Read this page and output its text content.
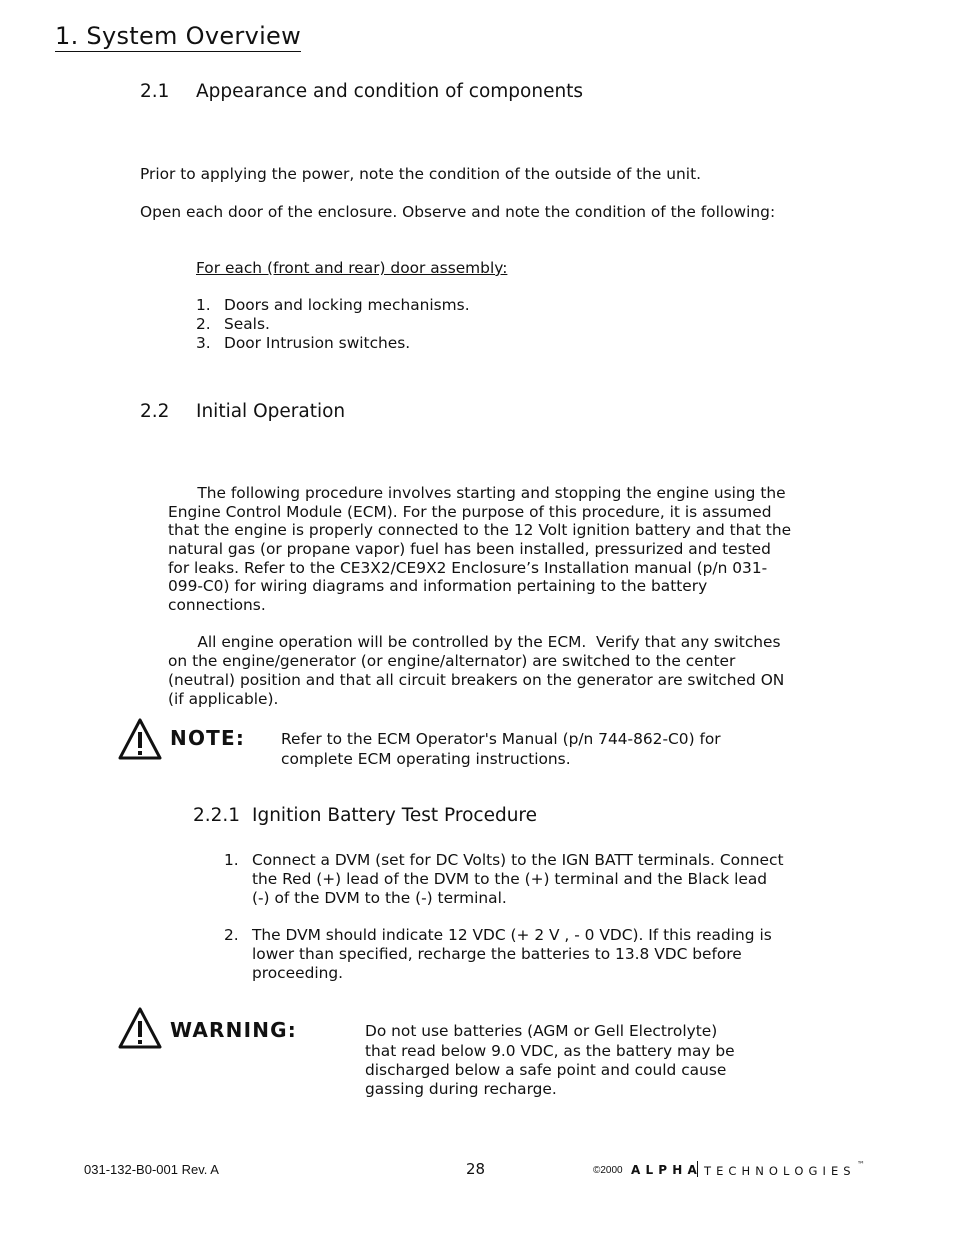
1. System Overview
2.1 Appearance and condition of components
Prior to applying the power, note the condition of the outside of the unit.
Open each door of the enclosure. Observe and note the condition of the following:
For each (front and rear) door assembly:
1. Doors and locking mechanisms.
2. Seals.
3. Door Intrusion switches.
2.2 Initial Operation
The following procedure involves starting and stopping the engine using the
Engine Control Module (ECM). For the purpose of this procedure, it is assumed
that the engine is properly connected to the 12 Volt ignition battery and that the
natural gas (or propane vapor) fuel has been installed, pressurized and tested
for leaks. Refer to the CE3X2/CE9X2 Enclosure’s Installation manual (p/n 031-
099-C0) for wiring diagrams and information pertaining to the battery
connections.
All engine operation will be controlled by the ECM.  Verify that any switches
on the engine/generator (or engine/alternator) are switched to the center
(neutral) position and that all circuit breakers on the generator are switched ON
(if applicable).
NOTE: Refer to the ECM Operator's Manual (p/n 744-862-C0) for
complete ECM operating instructions.
2.2.1 Ignition Battery Test Procedure
1. Connect a DVM (set for DC Volts) to the IGN BATT terminals. Connect
the Red (+) lead of the DVM to the (+) terminal and the Black lead
(-) of the DVM to the (-) terminal.
2. The DVM should indicate 12 VDC (+ 2 V , - 0 VDC). If this reading is
lower than specified, recharge the batteries to 13.8 VDC before
proceeding.
WARNING:	Do not use batteries (AGM or Gell Electrolyte)
that read below 9.0 VDC, as the battery may be
discharged below a safe point and could cause
gassing during recharge.
031-132-B0-001 Rev. A	28	©2000 A L P H A T E C H N O L O G I E S ™
